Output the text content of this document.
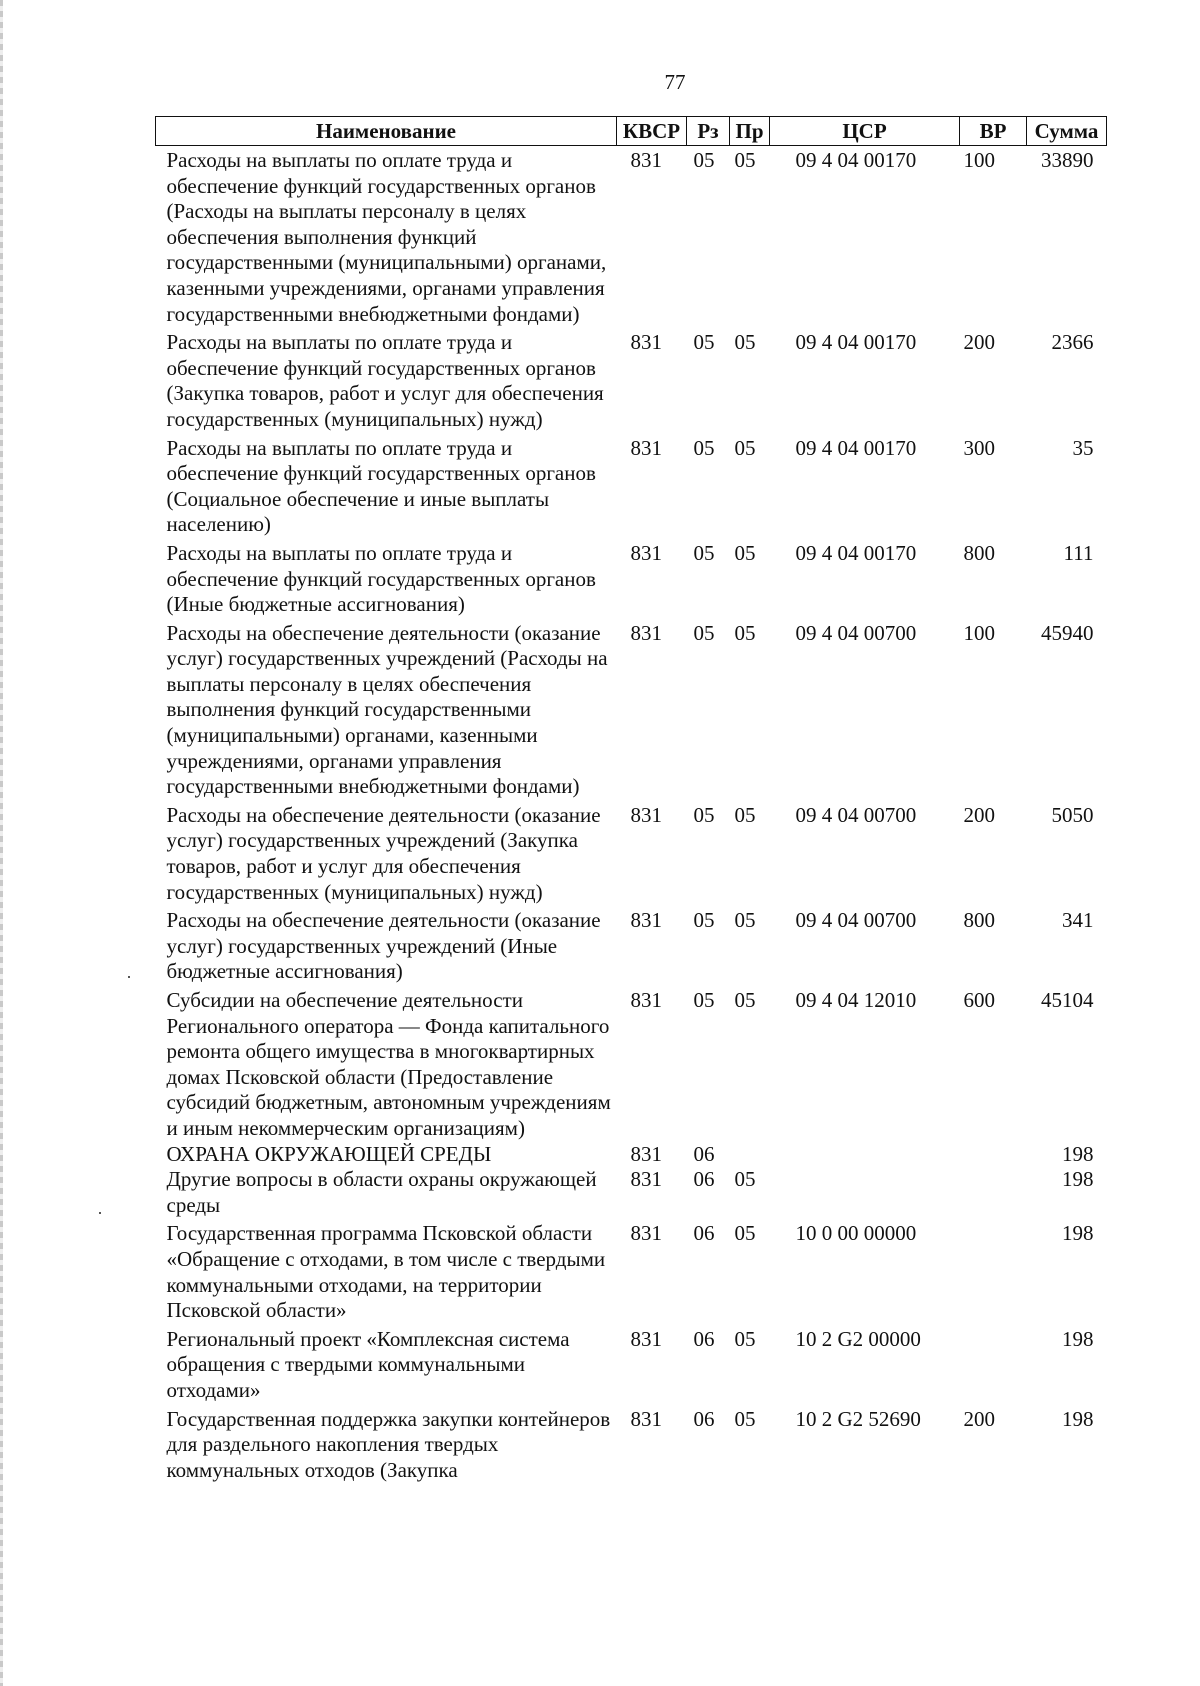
77
Наименование	КВСР	Рз	Пр	ЦСР	ВР	Сумма
Расходы на выплаты по оплате труда и обеспечение функций государственных органов (Расходы на выплаты персоналу в целях обеспечения выполнения функций государственными (муниципальными) органами, казенными учреждениями, органами управления государственными внебюджетными фондами)	831	05	05	09 4 04 00170	100	33890
Расходы на выплаты по оплате труда и обеспечение функций государственных органов (Закупка товаров, работ и услуг для обеспечения государственных (муниципальных) нужд)	831	05	05	09 4 04 00170	200	2366
Расходы на выплаты по оплате труда и обеспечение функций государственных органов (Социальное обеспечение и иные выплаты населению)	831	05	05	09 4 04 00170	300	35
Расходы на выплаты по оплате труда и обеспечение функций государственных органов (Иные бюджетные ассигнования)	831	05	05	09 4 04 00170	800	111
Расходы на обеспечение деятельности (оказание услуг) государственных учреждений (Расходы на выплаты персоналу в целях обеспечения выполнения функций государственными (муниципальными) органами, казенными учреждениями, органами управления государственными внебюджетными фондами)	831	05	05	09 4 04 00700	100	45940
Расходы на обеспечение деятельности (оказание услуг) государственных учреждений (Закупка товаров, работ и услуг для обеспечения государственных (муниципальных) нужд)	831	05	05	09 4 04 00700	200	5050
Расходы на обеспечение деятельности (оказание услуг) государственных учреждений (Иные бюджетные ассигнования)	831	05	05	09 4 04 00700	800	341
Субсидии на обеспечение деятельности Регионального оператора — Фонда капитального ремонта общего имущества в многоквартирных домах Псковской области (Предоставление субсидий бюджетным, автономным учреждениям и иным некоммерческим организациям)	831	05	05	09 4 04 12010	600	45104
ОХРАНА ОКРУЖАЮЩЕЙ СРЕДЫ	831	06				198
Другие вопросы в области охраны окружающей среды	831	06	05			198
Государственная программа Псковской области «Обращение с отходами, в том числе с твердыми коммунальными отходами, на территории Псковской области»	831	06	05	10 0 00 00000		198
Региональный проект «Комплексная система обращения с твердыми коммунальными отходами»	831	06	05	10 2 G2 00000		198
Государственная поддержка закупки контейнеров для раздельного накопления твердых коммунальных отходов (Закупка	831	06	05	10 2 G2 52690	200	198
